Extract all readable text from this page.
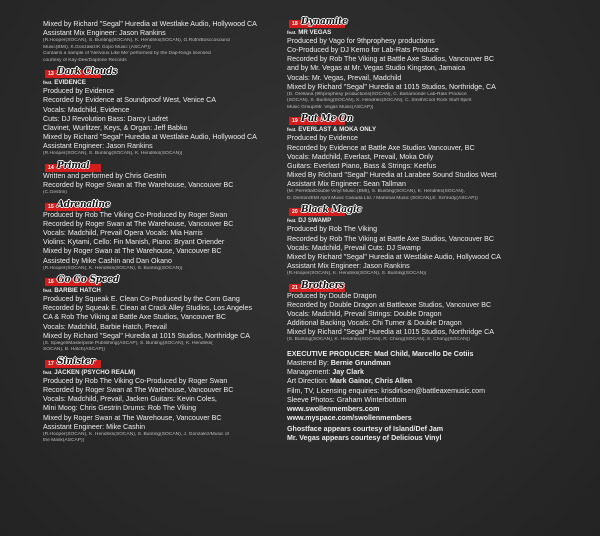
Mixed by Richard "Segal" Huredia at Westlake Audio, Hollywood CA
Assistant Mix Engineer: Jason Rankins
(R.Hooper(SOCAN), S. Bunting(SOCAN), K. Hendriks(SOCAN), G.Roth/Bosccosound
Music(BMI), K.Gonzalez/K Gopo Music (ASCAP))
Contains a sample of 'Nervous Like Me' performed by the Dap-Kings licensed
courtesy of Kay-Dee/Daptone Records
13 Dark Clouds
feat. EVIDENCE
Produced by Evidence
Recorded by Evidence at Soundproof West, Venice CA
Vocals: Madchild, Evidence
Cuts: DJ Revolution Bass: Darcy Ladret
Clavinet, Wurlitzer, Keys, & Organ: Jeff Babko
Mixed by Richard "Segal" Huredia at Westlake Audio, Hollywood CA
Assistant Engineer: Jason Rankins
(R.Hooper(SOCAN), S. Bunting(SOCAN), K. Hendriks(SOCAN))
14 Primal
Written and performed by Chris Gestrin
Recorded by Roger Swan at The Warehouse, Vancouver BC
(C.Gestrin)
15 Adrenaline
Produced by Rob The Viking Co-Produced by Roger Swan
Recorded by Roger Swan at The Warehouse, Vancouver BC
Vocals: Madchild, Prevail Opera Vocals: Mia Harris
Violins: Kytami, Cello: Fin Manish, Piano: Bryant Oriender
Mixed by Roger Swan at The Warehouse, Vancouver BC
Assisted by Mike Cashin and Dan Okano
(R.Hooper(SOCAN), K. Hendriks(SOCAN), S. Bunting(SOCAN))
16 Go Go Speed
feat. BARBIE HATCH
Produced by Squeak E. Clean Co-Produced by the Corn Gang
Recorded by Squeak E. Clean at Crack Alley Studios, Los Angeles
CA & Rob The Viking at Battle Axe Studios, Vancouver BC
Vocals: Madchild, Barbie Hatch, Prevail
Mixed by Richard "Segal" Huredia at 1015 Studios, Northridge CA
(S. Spiegel/Masterpiste Publishing(ASCAP), S. Bunting(SOCAN), K. Hendriks(
SOCAN), B. Hatch(ASCAP))
17 Sinister
feat. JACKEN (PSYCHO REALM)
Produced by Rob The Viking Co-Produced by Roger Swan
Recorded by Roger Swan at The Warehouse, Vancouver BC
Vocals: Madchild, Prevail, Jacken Guitars: Kevin Coles,
Mini Moog: Chris Gestrin Drums: Rob The Viking
Mixed by Roger Swan at The Warehouse, Vancouver BC
Assistant Engineer: Mike Cashin
(R.Hooper(SOCAN), K. Hendriks(SOCAN), S. Bunting(SOCAN), J. Gonzalez/Music of
the Mask(ASCAP))
18 Dynamite
feat. MR VEGAS
Produced by Vago for 9thprophesy productions
Co-Produced by DJ Kemo for Lab-Rats Produce
Recorded by Rob The Viking at Battle Axe Studios, Vancouver BC
and by Mr. Vegas at Mr. Vegas Studio Kingston, Jamaica
Vocals: Mr. Vegas, Prevail, Madchild
Mixed by Richard "Segal" Huredia at 1015 Studios, Northridge, CA
(D. Orellana (9thprophesy productions(SOCAN), C. Bahamonde Lab-Rats Produce
(SOCAN), S. Bunting(SOCAN), K. Hendriks(SOCAN), C. Smith/Cool Rock Stuff Spirit
Music Group/Mr. Vegas Music(ASCAP))
19 Put Me On
feat. EVERLAST & MOKA ONLY
Produced by Evidence
Recorded by Evidence at Battle Axe Studios Vancouver, BC
Vocals: Madchild, Everlast, Prevail, Moka Only
Guitars: Everlast Piano, Bass & Strings: Keefus
Mixed By Richard "Segal" Huredia at Larabee Sound Studios West
Assistant Mix Engineer: Sean Tallman
(M. Perretta/Double Vinyl Music (BMI), S. Bunting(SOCAN), K. Hendriks(SOCAN),
D. Denton/EMI April Music Canada Ltd. / Mammal Music (SOCAN),E. Schrody(ASCAP))
20 Black Magic
feat. DJ SWAMP
Produced by Rob The Viking
Recorded by Rob The Viking at Battle Axe Studios, Vancouver BC
Vocals: Madchild, Prevail Cuts: DJ Swamp
Mixed by Richard "Segal" Huredia at Westlake Audio, Hollywood CA
Assistant Mix Engineer: Jason Rankins
(R.Hooper(SOCAN), K. Hendriks(SOCAN), S. Bunting(SOCAN))
21 Brothers
Produced by Double Dragon
Recorded by Double Dragon at Battleaxe Studios, Vancouver BC
Vocals: Madchild, Prevail Strings: Double Dragon
Additional Backing Vocals: Chi Turner & Double Dragon
Mixed by Richard "Segal" Huredia at 1015 Studios, Northridge CA
(S. Bunting(SOCAN), K. Hendriks(SOCAN), R. Chong(SOCAN), E. Chong(SOCAN))
EXECUTIVE PRODUCER: Mad Child, Marcello De Cotiis
Mastered By: Bernie Grundman
Management: Jay Clark
Art Direction: Mark Gainor, Chris Allen
Film, TV, Licensing enquiries: krisdirksen@battleaxemusic.com
Sleeve Photos: Graham Winterbottom
www.swollenmembers.com
www.myspace.com/swollenmembers
Ghostface appears courtesy of Island/Def Jam
Mr. Vegas appears courtesy of Delicious Vinyl
